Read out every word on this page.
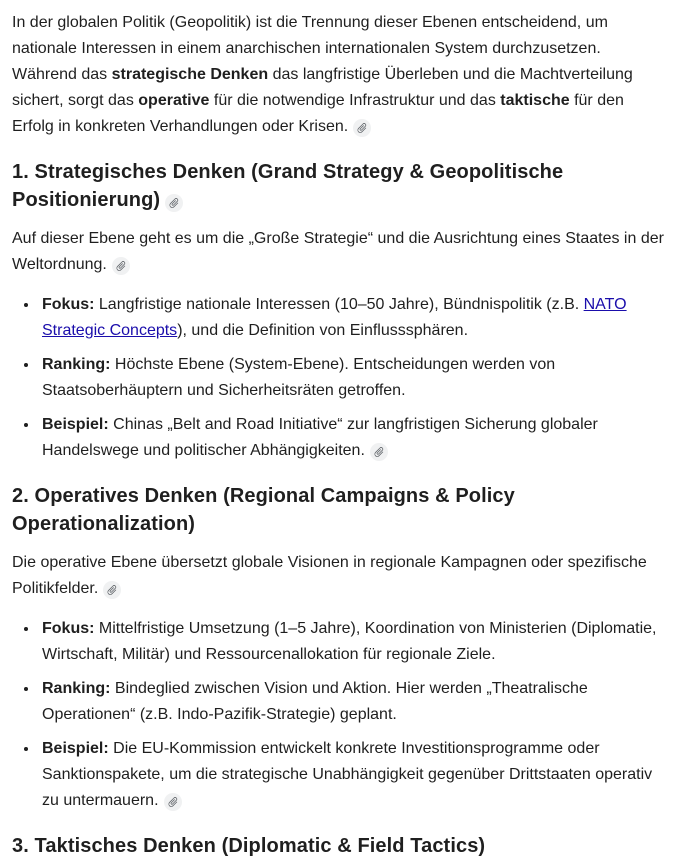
In der globalen Politik (Geopolitik) ist die Trennung dieser Ebenen entscheidend, um nationale Interessen in einem anarchischen internationalen System durchzusetzen. Während das strategische Denken das langfristige Überleben und die Machtverteilung sichert, sorgt das operative für die notwendige Infrastruktur und das taktische für den Erfolg in konkreten Verhandlungen oder Krisen.

1. Strategisches Denken (Grand Strategy & Geopolitische Positionierung)

Auf dieser Ebene geht es um die „Große Strategie“ und die Ausrichtung eines Staates in der Weltordnung.

• Fokus: Langfristige nationale Interessen (10–50 Jahre), Bündnispolitik (z.B. NATO Strategic Concepts), und die Definition von Einflusssphären.
• Ranking: Höchste Ebene (System-Ebene). Entscheidungen werden von Staatsoberhäuptern und Sicherheitsräten getroffen.
• Beispiel: Chinas „Belt and Road Initiative“ zur langfristigen Sicherung globaler Handelswege und politischer Abhängigkeiten.
2. Operatives Denken (Regional Campaigns & Policy Operationalization)

Die operative Ebene übersetzt globale Visionen in regionale Kampagnen oder spezifische Politikfelder.

• Fokus: Mittelfristige Umsetzung (1–5 Jahre), Koordination von Ministerien (Diplomatie, Wirtschaft, Militär) und Ressourcenallokation für regionale Ziele.
• Ranking: Bindeglied zwischen Vision und Aktion. Hier werden „Theatralische Operationen“ (z.B. Indo-Pazifik-Strategie) geplant.
• Beispiel: Die EU-Kommission entwickelt konkrete Investitionsprogramme oder Sanktionspakete, um die strategische Unabhängigkeit gegenüber Drittstaaten operativ zu untermauern.
3. Taktisches Denken (Diplomatic & Field Tactics)
